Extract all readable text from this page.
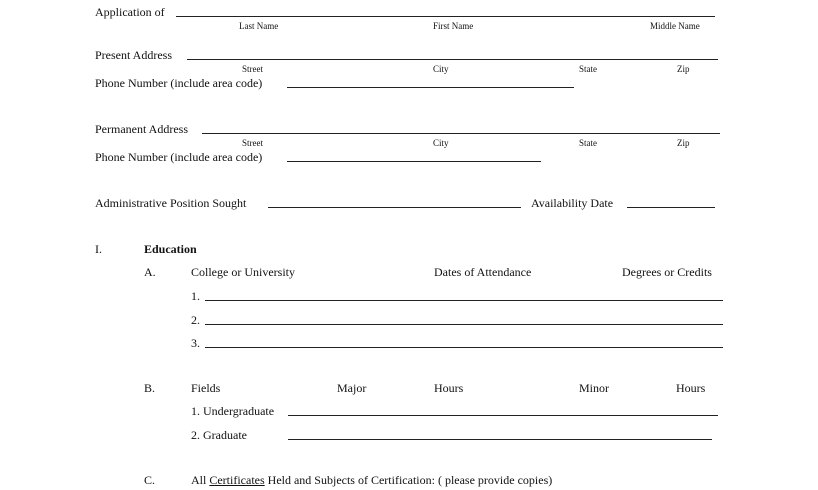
Application of
Last Name	First Name	Middle Name
Present Address
Street	City	State	Zip
Phone Number (include area code)
Permanent Address
Street	City	State	Zip
Phone Number (include area code)
Administrative Position Sought	Availability Date
I.	Education
A.	College or University	Dates of Attendance	Degrees or Credits
1.
2.
3.
B.	Fields	Major	Hours	Minor	Hours
1. Undergraduate
2. Graduate
C.	All Certificates Held and Subjects of Certification: ( please provide copies)
